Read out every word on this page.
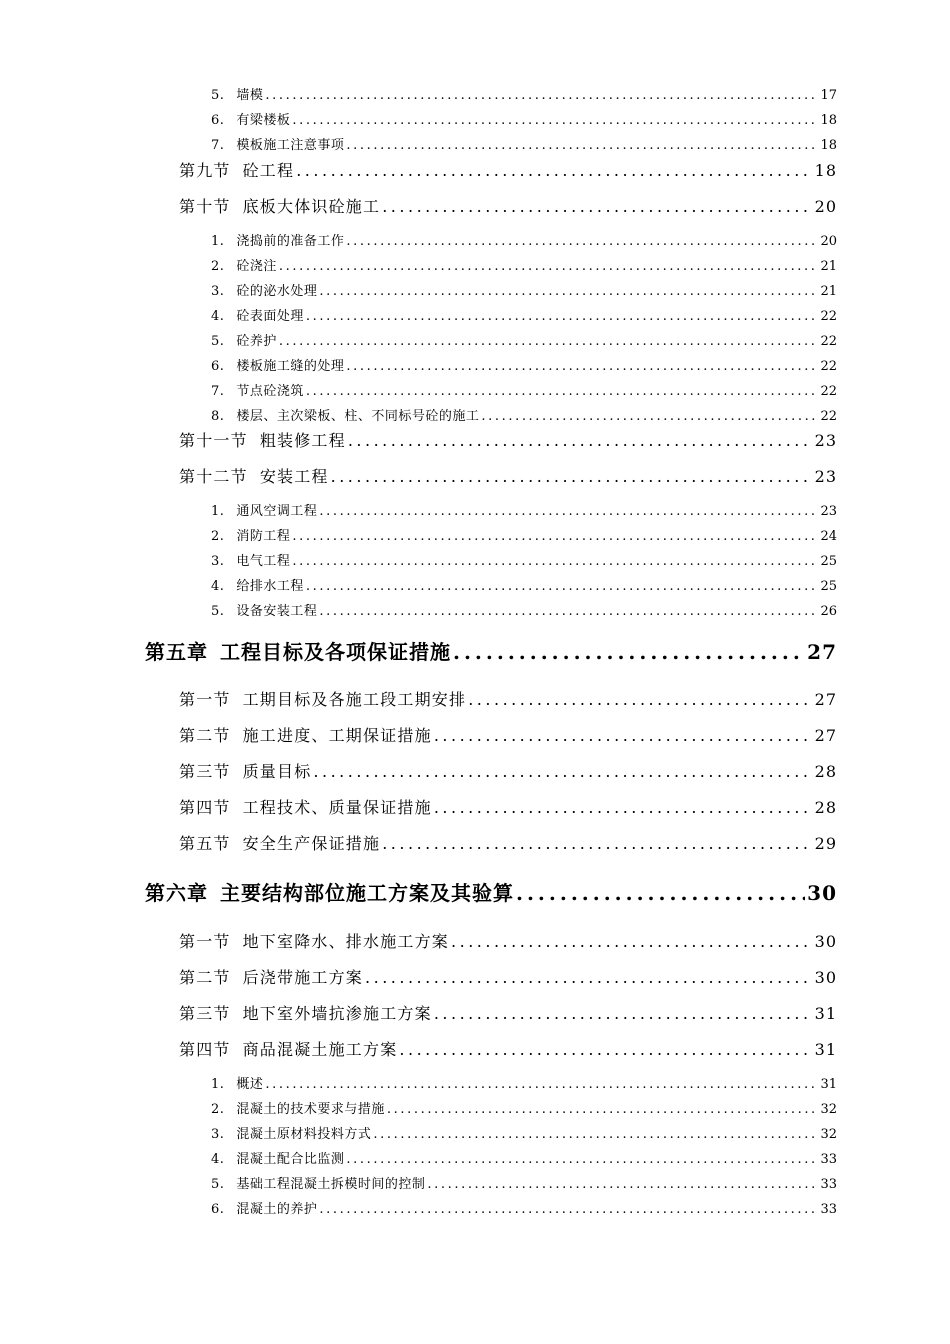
5. 墙模 .....	17
6. 有梁楼板 .....	18
7. 模板施工注意事项 .....	18
第九节 砼工程 .....	18
第十节 底板大体识砼施工 .....	20
1. 浇捣前的准备工作 .....	20
2. 砼浇注 .....	21
3. 砼的泌水处理 .....	21
4. 砼表面处理 .....	22
5. 砼养护 .....	22
6. 楼板施工缝的处理 .....	22
7. 节点砼浇筑 .....	22
8. 楼层、主次梁板、柱、不同标号砼的施工 .....	22
第十一节 粗装修工程 .....	23
第十二节 安装工程 .....	23
1. 通风空调工程 .....	23
2. 消防工程 .....	24
3. 电气工程 .....	25
4. 给排水工程 .....	25
5. 设备安装工程 .....	26
第五章 工程目标及各项保证措施 .....	27
第一节 工期目标及各施工段工期安排 .....	27
第二节 施工进度、工期保证措施 .....	27
第三节 质量目标 .....	28
第四节 工程技术、质量保证措施 .....	28
第五节 安全生产保证措施 .....	29
第六章 主要结构部位施工方案及其验算 .....	30
第一节 地下室降水、排水施工方案 .....	30
第二节 后浇带施工方案 .....	30
第三节 地下室外墙抗渗施工方案 .....	31
第四节 商品混凝土施工方案 .....	31
1. 概述 .....	31
2. 混凝土的技术要求与措施 .....	32
3. 混凝土原材料投料方式 .....	32
4. 混凝土配合比监测 .....	33
5. 基础工程混凝土拆模时间的控制 .....	33
6. 混凝土的养护 .....	33
